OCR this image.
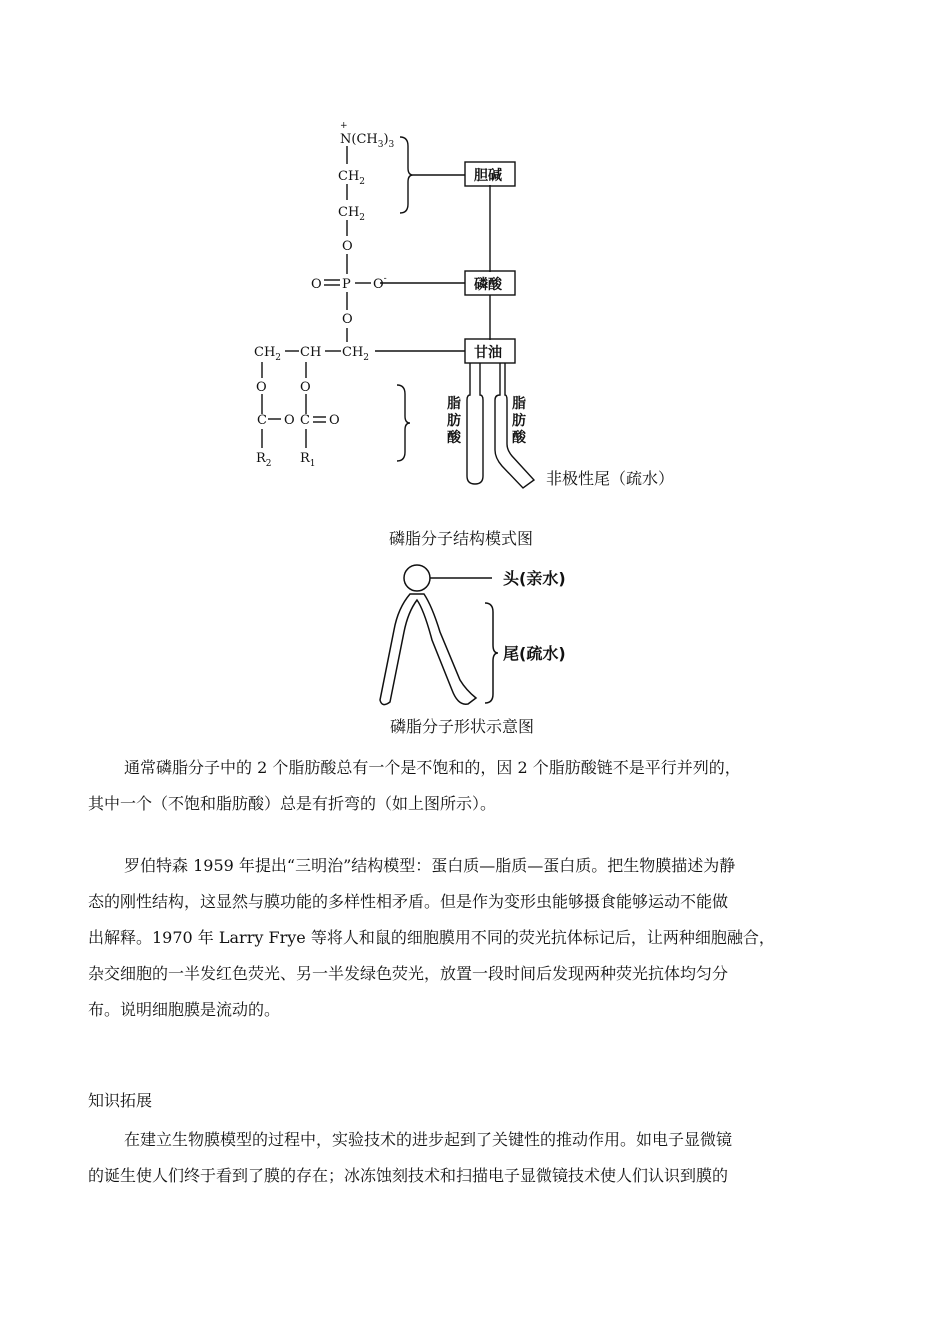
+
$N(CH_3)_3$
$CH_2$
$CH_2$
O
O P O-
O
$CH_2$ CH $CH_2$
O	O
C O C O
$R_2$ $R_1$
胆碱
磷酸
甘油
脂肪酸
脂肪酸
非极性尾（疏水）
磷脂分子结构模式图
头(亲水)
尾(疏水)
磷脂分子形状示意图
通常磷脂分子中的 2 个脂肪酸总有一个是不饱和的，因 2 个脂肪酸链不是平行并列的，
其中一个（不饱和脂肪酸）总是有折弯的（如上图所示）。
罗伯特森 1959 年提出“三明治”结构模型：蛋白质—脂质—蛋白质。把生物膜描述为静
态的刚性结构，这显然与膜功能的多样性相矛盾。但是作为变形虫能够摄食能够运动不能做
出解释。1970 年 Larry Frye 等将人和鼠的细胞膜用不同的荧光抗体标记后，让两种细胞融合，
杂交细胞的一半发红色荧光、另一半发绿色荧光，放置一段时间后发现两种荧光抗体均匀分
布。说明细胞膜是流动的。
知识拓展
在建立生物膜模型的过程中，实验技术的进步起到了关键性的推动作用。如电子显微镜
的诞生使人们终于看到了膜的存在；冰冻蚀刻技术和扫描电子显微镜技术使人们认识到膜的
